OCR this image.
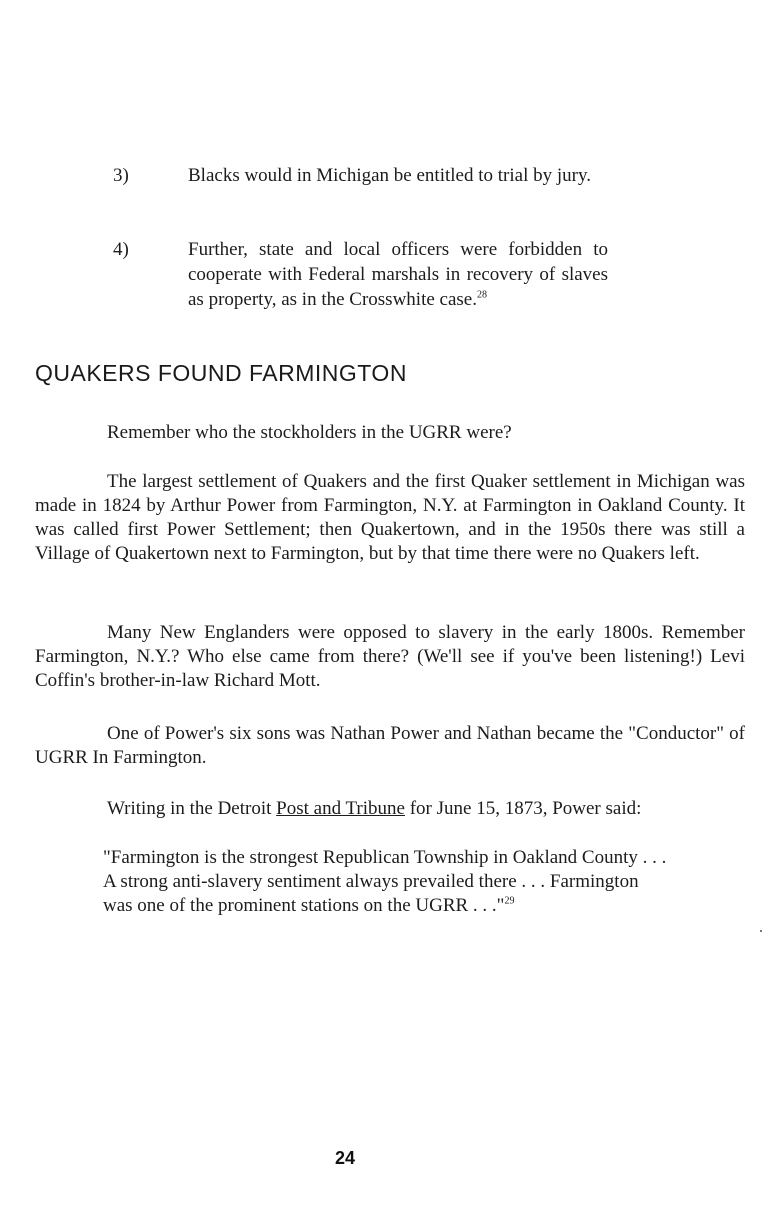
3)	Blacks would in Michigan be entitled to trial by jury.
4)	Further, state and local officers were forbidden to cooperate with Federal marshals in recovery of slaves as property, as in the Crosswhite case.$^{28}$
QUAKERS FOUND FARMINGTON
Remember who the stockholders in the UGRR were?
The largest settlement of Quakers and the first Quaker settlement in Michigan was made in 1824 by Arthur Power from Farmington, N.Y. at Farmington in Oakland County. It was called first Power Settlement; then Quakertown, and in the 1950s there was still a Village of Quakertown next to Farmington, but by that time there were no Quakers left.
Many New Englanders were opposed to slavery in the early 1800s. Remember Farmington, N.Y.? Who else came from there? (We'll see if you've been listening!) Levi Coffin's brother-in-law Richard Mott.
One of Power's six sons was Nathan Power and Nathan became the "Conductor" of UGRR In Farmington.
Writing in the Detroit Post and Tribune for June 15, 1873, Power said:
"Farmington is the strongest Republican Township in Oakland County . . . A strong anti-slavery sentiment always prevailed there . . . Farmington was one of the prominent stations on the UGRR . . ."$^{29}$
24
